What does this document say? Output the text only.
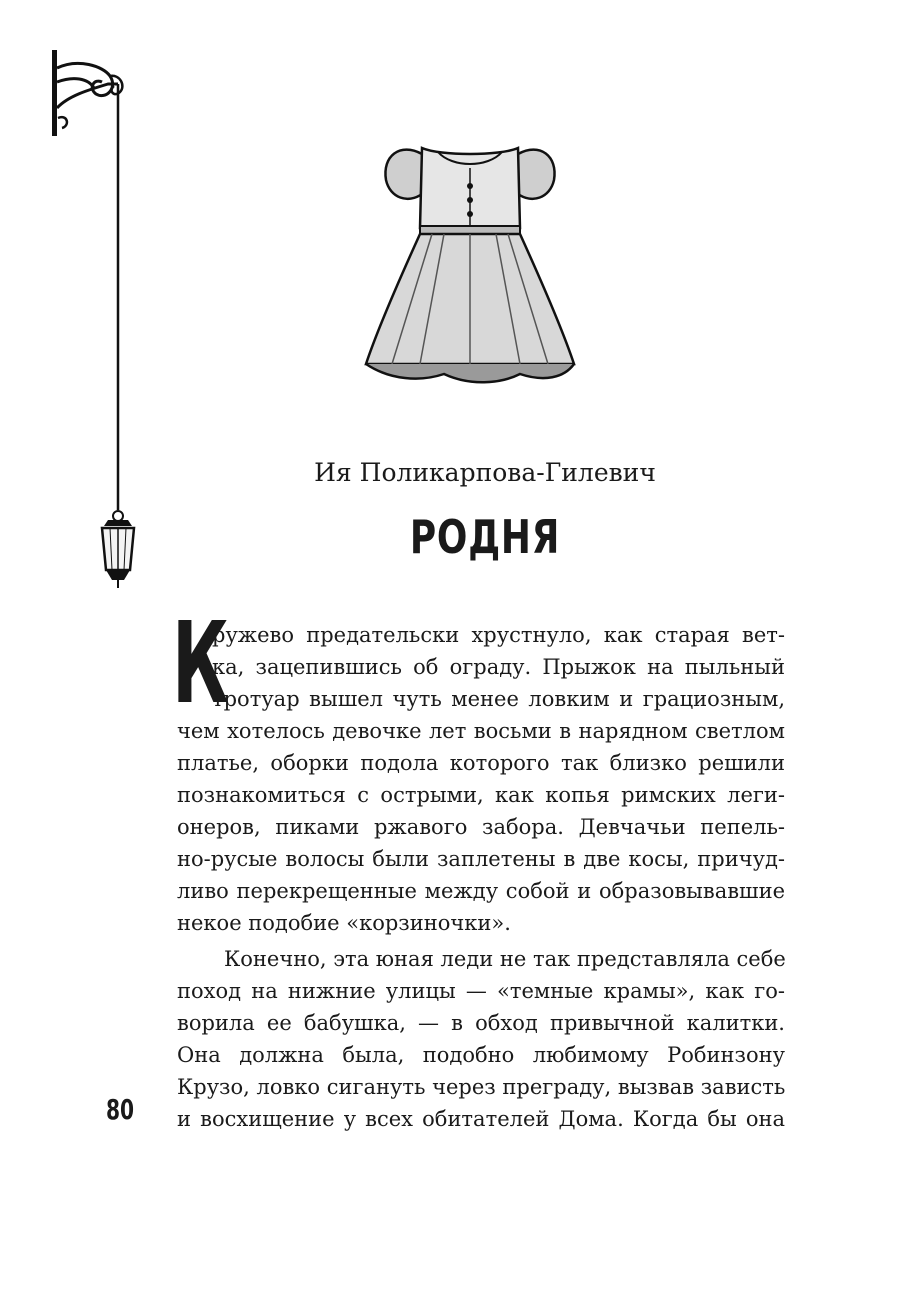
Ия Поликарпова-Гилевич
РОДНЯ
К
ружево предательски хрустнуло, как старая вет-
ка, зацепившись об ограду. Прыжок на пыльный
тротуар вышел чуть менее ловким и грациозным,
чем хотелось девочке лет восьми в нарядном светлом
платье, оборки подола которого так близко решили
познакомиться с острыми, как копья римских леги-
онеров, пиками ржавого забора. Девчачьи пепель-
но-русые волосы были заплетены в две косы, причуд-
ливо перекрещенные между собой и образовывавшие
некое подобие «корзиночки».
Конечно, эта юная леди не так представляла себе
поход на нижние улицы — «темные крамы», как го-
ворила ее бабушка, — в обход привычной калитки.
Она должна была, подобно любимому Робинзону
Крузо, ловко сигануть через преграду, вызвав зависть
и восхищение у всех обитателей Дома. Когда бы она
80
